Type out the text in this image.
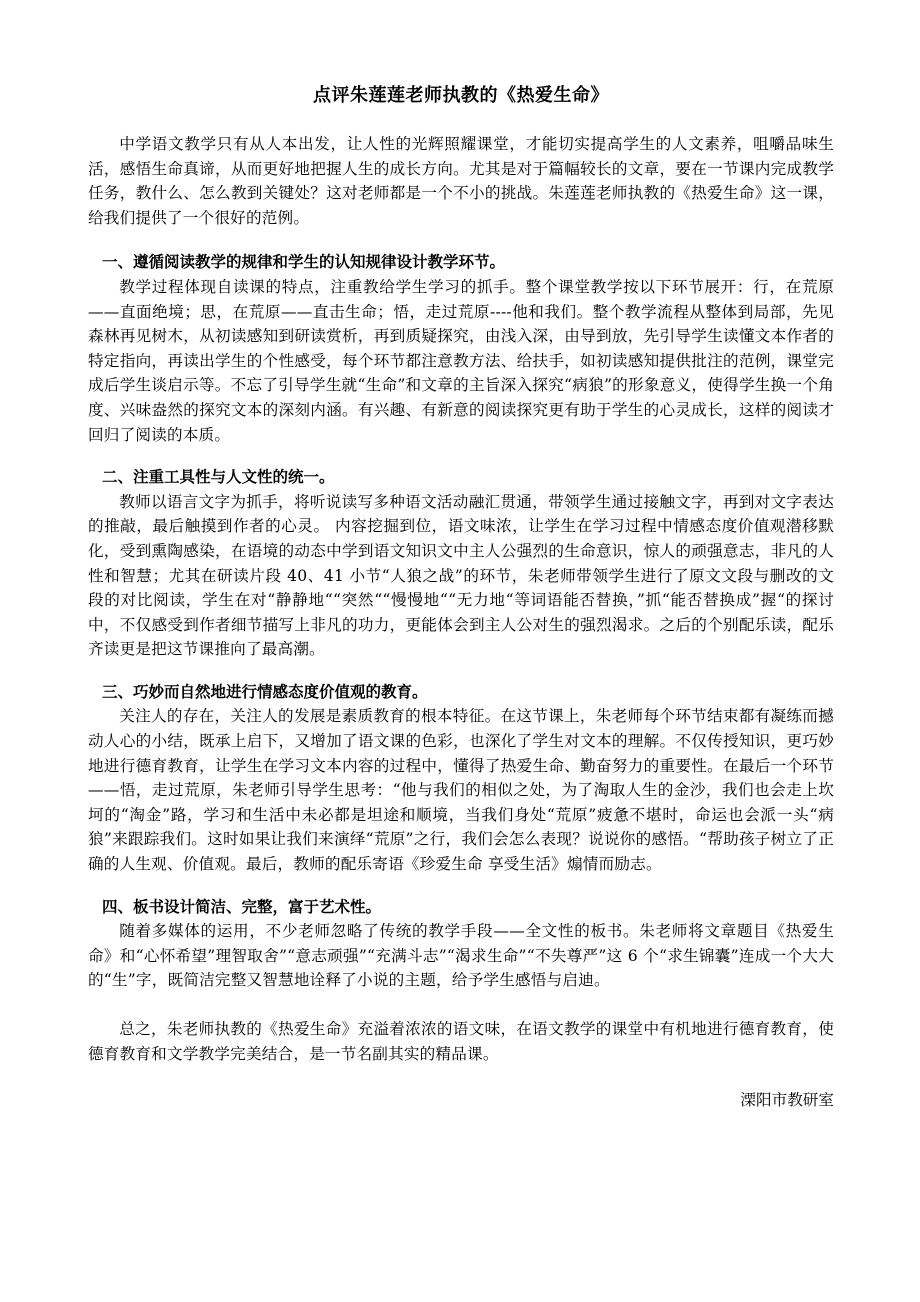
点评朱莲莲老师执教的《热爱生命》

中学语文教学只有从人本出发，让人性的光辉照耀课堂，才能切实提高学生的人文素养，咀嚼品味生活，感悟生命真谛，从而更好地把握人生的成长方向。尤其是对于篇幅较长的文章，要在一节课内完成教学任务，教什么、怎么教到关键处？这对老师都是一个不小的挑战。朱莲莲老师执教的《热爱生命》这一课，给我们提供了一个很好的范例。

一、遵循阅读教学的规律和学生的认知规律设计教学环节。

教学过程体现自读课的特点，注重教给学生学习的抓手。整个课堂教学按以下环节展开：行，在荒原——直面绝境；思，在荒原——直击生命；悟，走过荒原----他和我们。整个教学流程从整体到局部，先见森林再见树木，从初读感知到研读赏析，再到质疑探究，由浅入深，由导到放，先引导学生读懂文本作者的特定指向，再读出学生的个性感受，每个环节都注意教方法、给扶手，如初读感知提供批注的范例，课堂完成后学生谈启示等。不忘了引导学生就“生命”和文章的主旨深入探究“病狼”的形象意义，使得学生换一个角度、兴味盎然的探究文本的深刻内涵。有兴趣、有新意的阅读探究更有助于学生的心灵成长，这样的阅读才回归了阅读的本质。

二、注重工具性与人文性的统一。

教师以语言文字为抓手，将听说读写多种语文活动融汇贯通，带领学生通过接触文字，再到对文字表达的推敲，最后触摸到作者的心灵。 内容挖掘到位，语文味浓，让学生在学习过程中情感态度价值观潜移默化，受到熏陶感染，在语境的动态中学到语文知识文中主人公强烈的生命意识，惊人的顽强意志，非凡的人性和智慧；尤其在研读片段 40、41 小节“人狼之战”的环节，朱老师带领学生进行了原文文段与删改的文段的对比阅读，学生在对“静静地““突然““慢慢地““无力地“等词语能否替换，”抓“能否替换成”握“的探讨中，不仅感受到作者细节描写上非凡的功力，更能体会到主人公对生的强烈渴求。之后的个别配乐读，配乐齐读更是把这节课推向了最高潮。

三、巧妙而自然地进行情感态度价值观的教育。

关注人的存在，关注人的发展是素质教育的根本特征。在这节课上，朱老师每个环节结束都有凝练而撼动人心的小结，既承上启下，又增加了语文课的色彩，也深化了学生对文本的理解。不仅传授知识，更巧妙地进行德育教育，让学生在学习文本内容的过程中，懂得了热爱生命、勤奋努力的重要性。在最后一个环节——悟，走过荒原，朱老师引导学生思考：“他与我们的相似之处，为了淘取人生的金沙，我们也会走上坎坷的“淘金”路，学习和生活中未必都是坦途和顺境，当我们身处“荒原”疲惫不堪时，命运也会派一头“病狼”来跟踪我们。这时如果让我们来演绎“荒原”之行，我们会怎么表现？说说你的感悟。“帮助孩子树立了正确的人生观、价值观。最后，教师的配乐寄语《珍爱生命 享受生活》煽情而励志。

四、板书设计简洁、完整，富于艺术性。

随着多媒体的运用，不少老师忽略了传统的教学手段——全文性的板书。朱老师将文章题目《热爱生命》和“心怀希望”理智取舍”“意志顽强”“充满斗志”“渴求生命”“不失尊严”这 6 个“求生锦囊”连成一个大大的“生”字，既简洁完整又智慧地诠释了小说的主题，给予学生感悟与启迪。

总之，朱老师执教的《热爱生命》充溢着浓浓的语文味，在语文教学的课堂中有机地进行德育教育，使德育教育和文学教学完美结合，是一节名副其实的精品课。

溧阳市教研室
